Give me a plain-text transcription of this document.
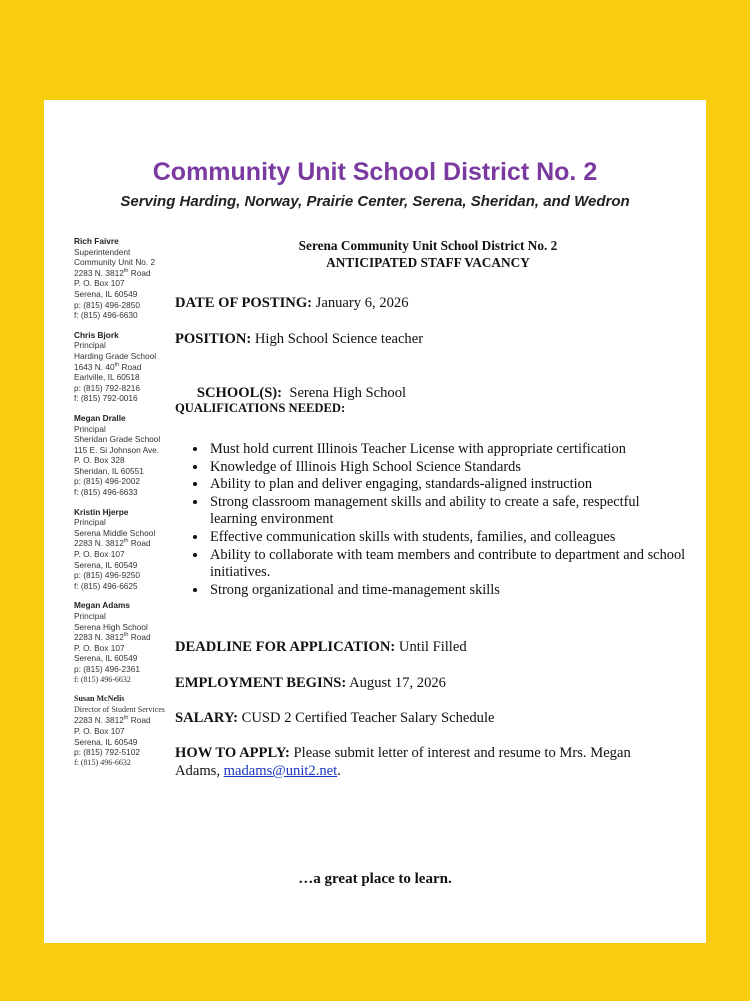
Community Unit School District No. 2
Serving Harding, Norway, Prairie Center, Serena, Sheridan, and Wedron
Rich Faivre
Superintendent
Community Unit No. 2
2283 N. 3812th Road
P. O. Box 107
Serena, IL 60549
p: (815) 496-2850
f: (815) 496-6630
Chris Bjork
Principal
Harding Grade School
1643 N. 40th Road
Earlville, IL 60518
p: (815) 792-8216
f: (815) 792-0016
Megan Dralle
Principal
Sheridan Grade School
115 E. Si Johnson Ave.
P. O. Box 328
Sheridan, IL 60551
p: (815) 496-2002
f: (815) 496-6633
Kristin Hjerpe
Principal
Serena Middle School
2283 N. 3812th Road
P. O. Box 107
Serena, IL 60549
p: (815) 496-9250
f: (815) 496-6625
Megan Adams
Principal
Serena High School
2283 N. 3812th Road
P. O. Box 107
Serena, IL 60549
p: (815) 496-2361
f: (815) 496-6632
Susan McNelis
Director of Student Services
2283 N. 3812th Road
P. O. Box 107
Serena, IL 60549
p: (815) 792-5102
f: (815) 496-6632
Serena Community Unit School District No. 2
ANTICIPATED STAFF VACANCY
DATE OF POSTING: January 6, 2026
POSITION: High School Science teacher

SCHOOL(S):  Serena High School

QUALIFICATIONS NEEDED:
• Must hold current Illinois Teacher License with appropriate certification
• Knowledge of Illinois High School Science Standards
• Ability to plan and deliver engaging, standards-aligned instruction
• Strong classroom management skills and ability to create a safe, respectful learning environment
• Effective communication skills with students, families, and colleagues
• Ability to collaborate with team members and contribute to department and school initiatives.
• Strong organizational and time-management skills
DEADLINE FOR APPLICATION: Until Filled
EMPLOYMENT BEGINS: August 17, 2026
SALARY: CUSD 2 Certified Teacher Salary Schedule
HOW TO APPLY: Please submit letter of interest and resume to Mrs. Megan Adams, madams@unit2.net.
…a great place to learn.
